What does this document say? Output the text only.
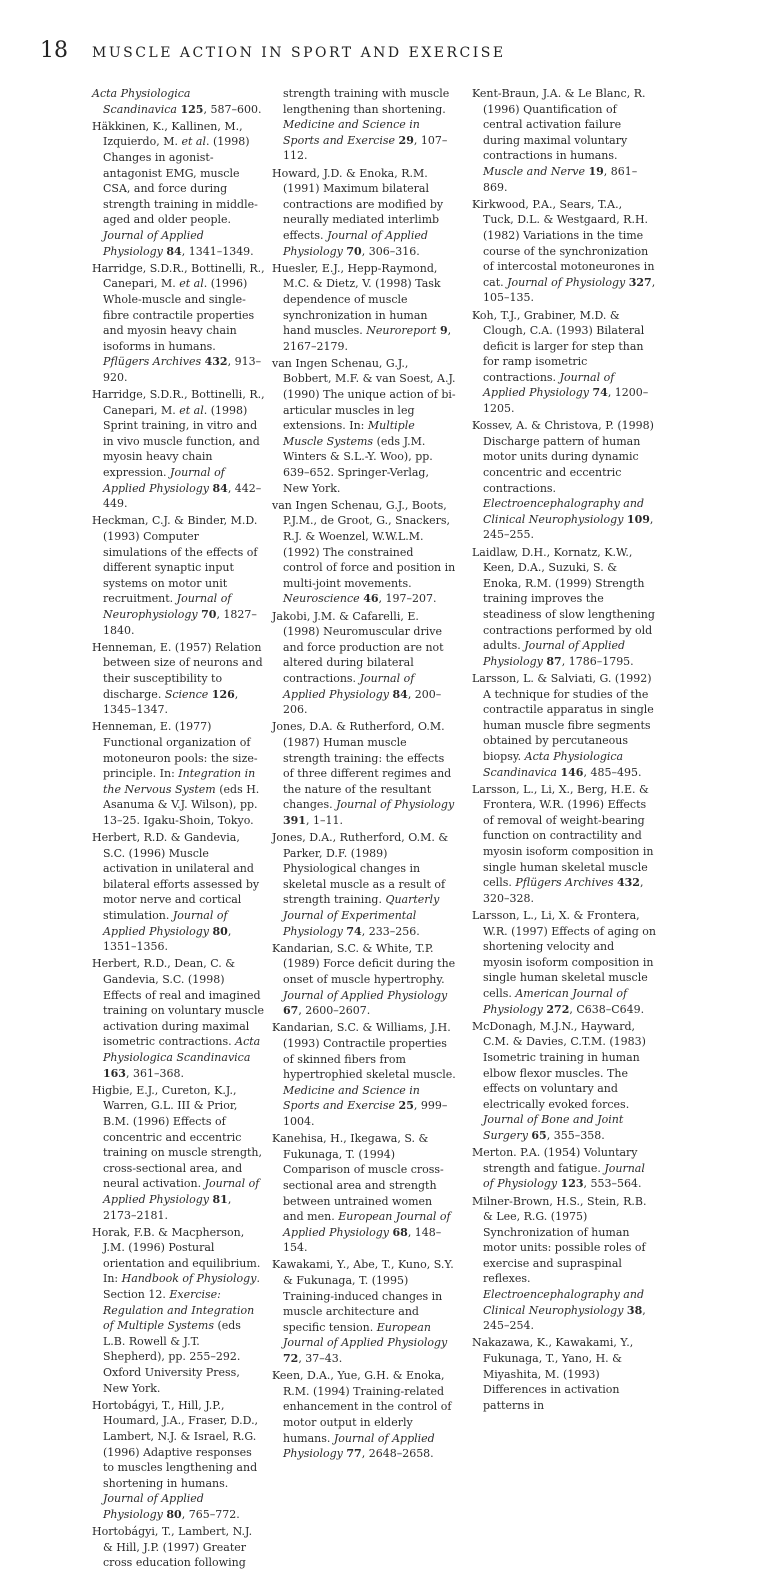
18	MUSCLE ACTION IN SPORT AND EXERCISE

Acta Physiologica Scandinavica 125, 587–600.

Häkkinen, K., Kallinen, M., Izquierdo, M. et al. (1998) Changes in agonist-antagonist EMG, muscle CSA, and force during strength training in middle-aged and older people. Journal of Applied Physiology 84, 1341–1349.

Harridge, S.D.R., Bottinelli, R., Canepari, M. et al. (1996) Whole-muscle and single-fibre contractile properties and myosin heavy chain isoforms in humans. Pflügers Archives 432, 913–920.

Harridge, S.D.R., Bottinelli, R., Canepari, M. et al. (1998) Sprint training, in vitro and in vivo muscle function, and myosin heavy chain expression. Journal of Applied Physiology 84, 442–449.

Heckman, C.J. & Binder, M.D. (1993) Computer simulations of the effects of different synaptic input systems on motor unit recruitment. Journal of Neurophysiology 70, 1827–1840.

Henneman, E. (1957) Relation between size of neurons and their susceptibility to discharge. Science 126, 1345–1347.

Henneman, E. (1977) Functional organization of motoneuron pools: the size-principle. In: Integration in the Nervous System (eds H. Asanuma & V.J. Wilson), pp. 13–25. Igaku-Shoin, Tokyo.

Herbert, R.D. & Gandevia, S.C. (1996) Muscle activation in unilateral and bilateral efforts assessed by motor nerve and cortical stimulation. Journal of Applied Physiology 80, 1351–1356.

Herbert, R.D., Dean, C. & Gandevia, S.C. (1998) Effects of real and imagined training on voluntary muscle activation during maximal isometric contractions. Acta Physiologica Scandinavica 163, 361–368.

Higbie, E.J., Cureton, K.J., Warren, G.L. III & Prior, B.M. (1996) Effects of concentric and eccentric training on muscle strength, cross-sectional area, and neural activation. Journal of Applied Physiology 81, 2173–2181.

Horak, F.B. & Macpherson, J.M. (1996) Postural orientation and equilibrium. In: Handbook of Physiology. Section 12. Exercise: Regulation and Integration of Multiple Systems (eds L.B. Rowell & J.T. Shepherd), pp. 255–292. Oxford University Press, New York.

Hortobágyi, T., Hill, J.P., Houmard, J.A., Fraser, D.D., Lambert, N.J. & Israel, R.G. (1996) Adaptive responses to muscles lengthening and shortening in humans. Journal of Applied Physiology 80, 765–772.

Hortobágyi, T., Lambert, N.J. & Hill, J.P. (1997) Greater cross education following

strength training with muscle lengthening than shortening. Medicine and Science in Sports and Exercise 29, 107–112.

Howard, J.D. & Enoka, R.M. (1991) Maximum bilateral contractions are modified by neurally mediated interlimb effects. Journal of Applied Physiology 70, 306–316.

Huesler, E.J., Hepp-Raymond, M.C. & Dietz, V. (1998) Task dependence of muscle synchronization in human hand muscles. Neuroreport 9, 2167–2179.

van Ingen Schenau, G.J., Bobbert, M.F. & van Soest, A.J. (1990) The unique action of bi-articular muscles in leg extensions. In: Multiple Muscle Systems (eds J.M. Winters & S.L.-Y. Woo), pp. 639–652. Springer-Verlag, New York.

van Ingen Schenau, G.J., Boots, P.J.M., de Groot, G., Snackers, R.J. & Woenzel, W.W.L.M. (1992) The constrained control of force and position in multi-joint movements. Neuroscience 46, 197–207.

Jakobi, J.M. & Cafarelli, E. (1998) Neuromuscular drive and force production are not altered during bilateral contractions. Journal of Applied Physiology 84, 200–206.

Jones, D.A. & Rutherford, O.M. (1987) Human muscle strength training: the effects of three different regimes and the nature of the resultant changes. Journal of Physiology 391, 1–11.

Jones, D.A., Rutherford, O.M. & Parker, D.F. (1989) Physiological changes in skeletal muscle as a result of strength training. Quarterly Journal of Experimental Physiology 74, 233–256.

Kandarian, S.C. & White, T.P. (1989) Force deficit during the onset of muscle hypertrophy. Journal of Applied Physiology 67, 2600–2607.

Kandarian, S.C. & Williams, J.H. (1993) Contractile properties of skinned fibers from hypertrophied skeletal muscle. Medicine and Science in Sports and Exercise 25, 999–1004.

Kanehisa, H., Ikegawa, S. & Fukunaga, T. (1994) Comparison of muscle cross-sectional area and strength between untrained women and men. European Journal of Applied Physiology 68, 148–154.

Kawakami, Y., Abe, T., Kuno, S.Y. & Fukunaga, T. (1995) Training-induced changes in muscle architecture and specific tension. European Journal of Applied Physiology 72, 37–43.

Keen, D.A., Yue, G.H. & Enoka, R.M. (1994) Training-related enhancement in the control of motor output in elderly humans. Journal of Applied Physiology 77, 2648–2658.

Kent-Braun, J.A. & Le Blanc, R. (1996) Quantification of central activation failure during maximal voluntary contractions in humans. Muscle and Nerve 19, 861–869.

Kirkwood, P.A., Sears, T.A., Tuck, D.L. & Westgaard, R.H. (1982) Variations in the time course of the synchronization of intercostal motoneurones in cat. Journal of Physiology 327, 105–135.

Koh, T.J., Grabiner, M.D. & Clough, C.A. (1993) Bilateral deficit is larger for step than for ramp isometric contractions. Journal of Applied Physiology 74, 1200–1205.

Kossev, A. & Christova, P. (1998) Discharge pattern of human motor units during dynamic concentric and eccentric contractions. Electroencephalography and Clinical Neurophysiology 109, 245–255.

Laidlaw, D.H., Kornatz, K.W., Keen, D.A., Suzuki, S. & Enoka, R.M. (1999) Strength training improves the steadiness of slow lengthening contractions performed by old adults. Journal of Applied Physiology 87, 1786–1795.

Larsson, L. & Salviati, G. (1992) A technique for studies of the contractile apparatus in single human muscle fibre segments obtained by percutaneous biopsy. Acta Physiologica Scandinavica 146, 485–495.

Larsson, L., Li, X., Berg, H.E. & Frontera, W.R. (1996) Effects of removal of weight-bearing function on contractility and myosin isoform composition in single human skeletal muscle cells. Pflügers Archives 432, 320–328.

Larsson, L., Li, X. & Frontera, W.R. (1997) Effects of aging on shortening velocity and myosin isoform composition in single human skeletal muscle cells. American Journal of Physiology 272, C638–C649.

McDonagh, M.J.N., Hayward, C.M. & Davies, C.T.M. (1983) Isometric training in human elbow flexor muscles. The effects on voluntary and electrically evoked forces. Journal of Bone and Joint Surgery 65, 355–358.

Merton. P.A. (1954) Voluntary strength and fatigue. Journal of Physiology 123, 553–564.

Milner-Brown, H.S., Stein, R.B. & Lee, R.G. (1975) Synchronization of human motor units: possible roles of exercise and supraspinal reflexes. Electroencephalography and Clinical Neurophysiology 38, 245–254.

Nakazawa, K., Kawakami, Y., Fukunaga, T., Yano, H. & Miyashita, M. (1993) Differences in activation patterns in
